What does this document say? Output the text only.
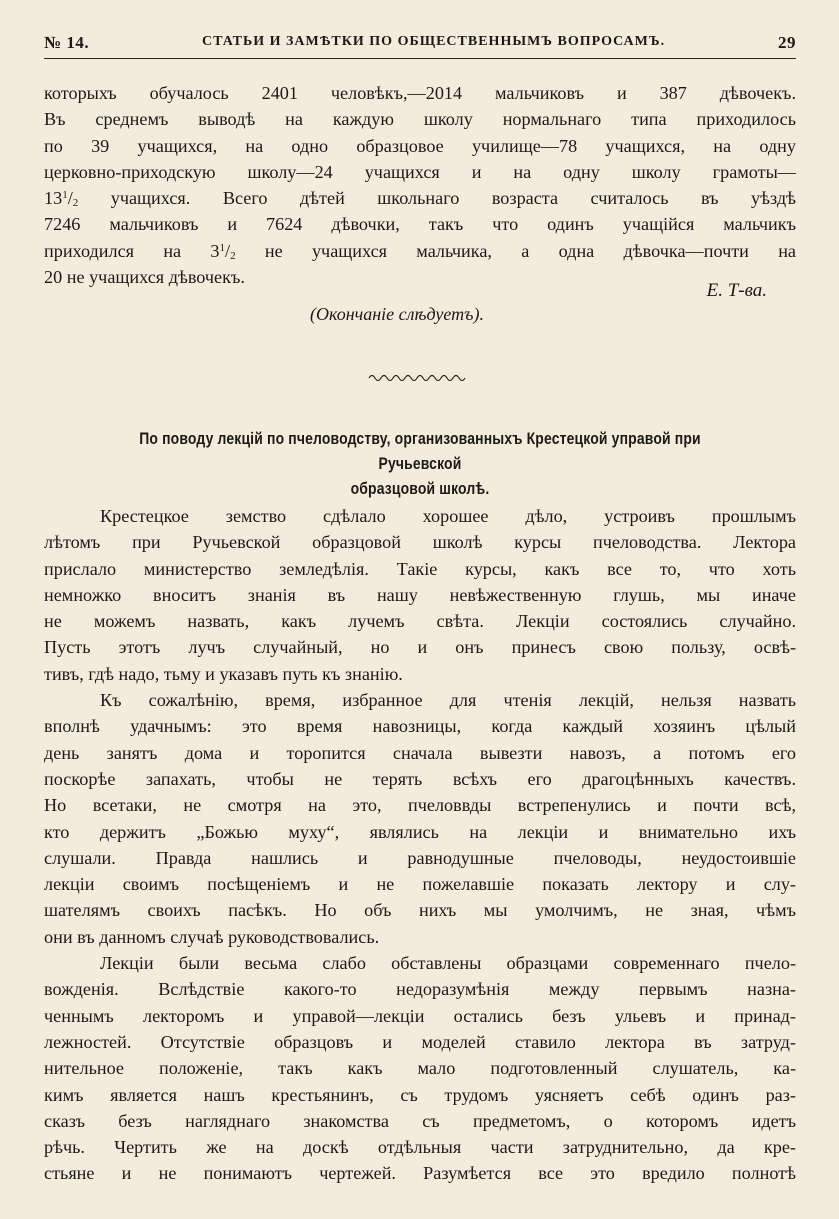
№ 14.	СТАТЬИ И ЗАМѢТКИ ПО ОБЩЕСТВЕННЫМЪ ВОПРОСАМЪ.	29
которыхъ обучалось 2401 человѣкъ,—2014 мальчиковъ и 387 дѣвочекъ.
Въ среднемъ выводѣ на каждую школу нормальнаго типа приходилось
по 39 учащихся, на одно образцовое училище—78 учащихся, на одну
церковно-приходскую школу—24 учащихся и на одну школу грамоты—
$13^1/_2$ учащихся. Всего дѣтей школьнаго возраста считалось въ уѣздѣ
7246 мальчиковъ и 7624 дѣвочки, такъ что одинъ учащійся мальчикъ
приходился на $3^1/_2$ не учащихся мальчика, а одна дѣвочка—почти на
20 не учащихся дѣвочекъ.
Е. Т-ва.
(Окончаніе слѣдуетъ).
По поводу лекцій по пчеловодству, организованныхъ Крестецкой управой при Ручьевской
образцовой школѣ.
Крестецкое земство сдѣлало хорошее дѣло, устроивъ прошлымъ
лѣтомъ при Ручьевской образцовой школѣ курсы пчеловодства. Лектора
прислало министерство земледѣлія. Такіе курсы, какъ все то, что хоть
немножко вноситъ знанія въ нашу невѣжественную глушь, мы иначе
не можемъ назвать, какъ лучемъ свѣта. Лекціи состоялись случайно.
Пусть этотъ лучъ случайный, но и онъ принесъ свою пользу, освѣ-
тивъ, гдѣ надо, тьму и указавъ путь къ знанію.
Къ сожалѣнію, время, избранное для чтенія лекцій, нельзя назвать
вполнѣ удачнымъ: это время навозницы, когда каждый хозяинъ цѣлый
день занятъ дома и торопится сначала вывезти навозъ, а потомъ его
поскорѣе запахать, чтобы не терять всѣхъ его драгоцѣнныхъ качествъ.
Но всетаки, не смотря на это, пчеловвды встрепенулись и почти всѣ,
кто держитъ „Божью муху“, являлись на лекціи и внимательно ихъ
слушали. Правда нашлись и равнодушные пчеловоды, неудостоившіе
лекціи своимъ посѣщеніемъ и не пожелавшіе показать лектору и слу-
шателямъ своихъ пасѣкъ. Но объ нихъ мы умолчимъ, не зная, чѣмъ
они въ данномъ случаѣ руководствовались.
Лекціи были весьма слабо обставлены образцами современнаго пчело-
вожденія. Вслѣдствіе какого-то недоразумѣнія между первымъ назна-
ченнымъ лекторомъ и управой—лекціи остались безъ ульевъ и принад-
лежностей. Отсутствіе образцовъ и моделей ставило лектора въ затруд-
нительное положеніе, такъ какъ мало подготовленный слушатель, ка-
кимъ является нашъ крестьянинъ, съ трудомъ уясняетъ себѣ одинъ раз-
сказъ безъ нагляднаго знакомства съ предметомъ, о которомъ идетъ
рѣчь. Чертить же на доскѣ отдѣльныя части затруднительно, да кре-
стьяне и не понимаютъ чертежей. Разумѣется все это вредило полнотѣ
